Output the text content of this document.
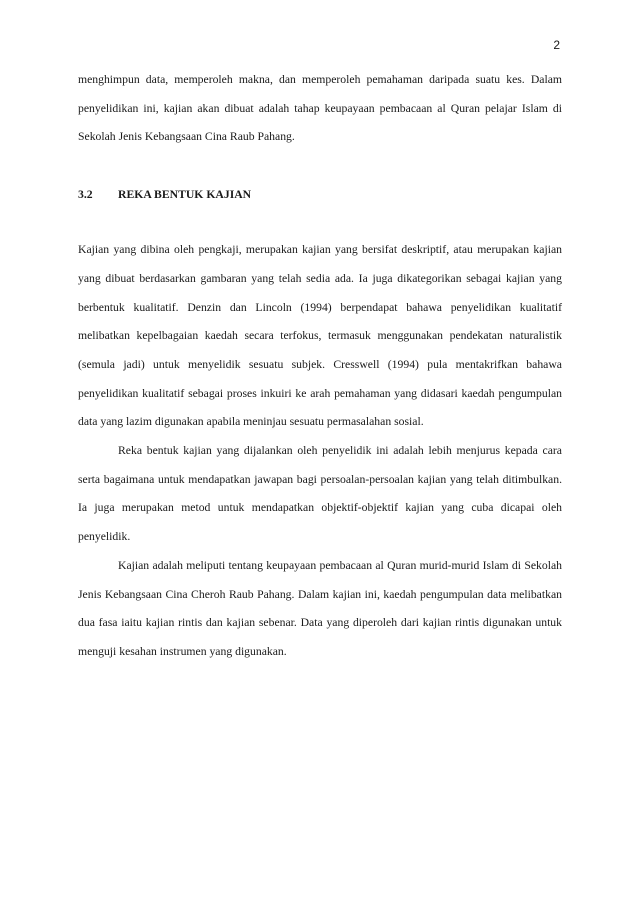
2

menghimpun data, memperoleh makna, dan memperoleh pemahaman daripada suatu kes. Dalam penyelidikan ini, kajian akan dibuat adalah tahap keupayaan pembacaan al Quran pelajar Islam di Sekolah Jenis Kebangsaan Cina Raub Pahang.

3.2 REKA BENTUK KAJIAN

Kajian yang dibina oleh pengkaji, merupakan kajian yang bersifat deskriptif, atau merupakan kajian yang dibuat berdasarkan gambaran yang telah sedia ada. Ia juga dikategorikan sebagai kajian yang berbentuk kualitatif. Denzin dan Lincoln (1994) berpendapat bahawa penyelidikan kualitatif melibatkan kepelbagaian kaedah secara terfokus, termasuk menggunakan pendekatan naturalistik (semula jadi) untuk menyelidik sesuatu subjek. Cresswell (1994) pula mentakrifkan bahawa penyelidikan kualitatif sebagai proses inkuiri ke arah pemahaman yang didasari kaedah pengumpulan data yang lazim digunakan apabila meninjau sesuatu permasalahan sosial.

Reka bentuk kajian yang dijalankan oleh penyelidik ini adalah lebih menjurus kepada cara serta bagaimana untuk mendapatkan jawapan bagi persoalan-persoalan kajian yang telah ditimbulkan. Ia juga merupakan metod untuk mendapatkan objektif-objektif kajian yang cuba dicapai oleh penyelidik.

Kajian adalah meliputi tentang keupayaan pembacaan al Quran murid-murid Islam di Sekolah Jenis Kebangsaan Cina Cheroh Raub Pahang. Dalam kajian ini, kaedah pengumpulan data melibatkan dua fasa iaitu kajian rintis dan kajian sebenar. Data yang diperoleh dari kajian rintis digunakan untuk menguji kesahan instrumen yang digunakan.
